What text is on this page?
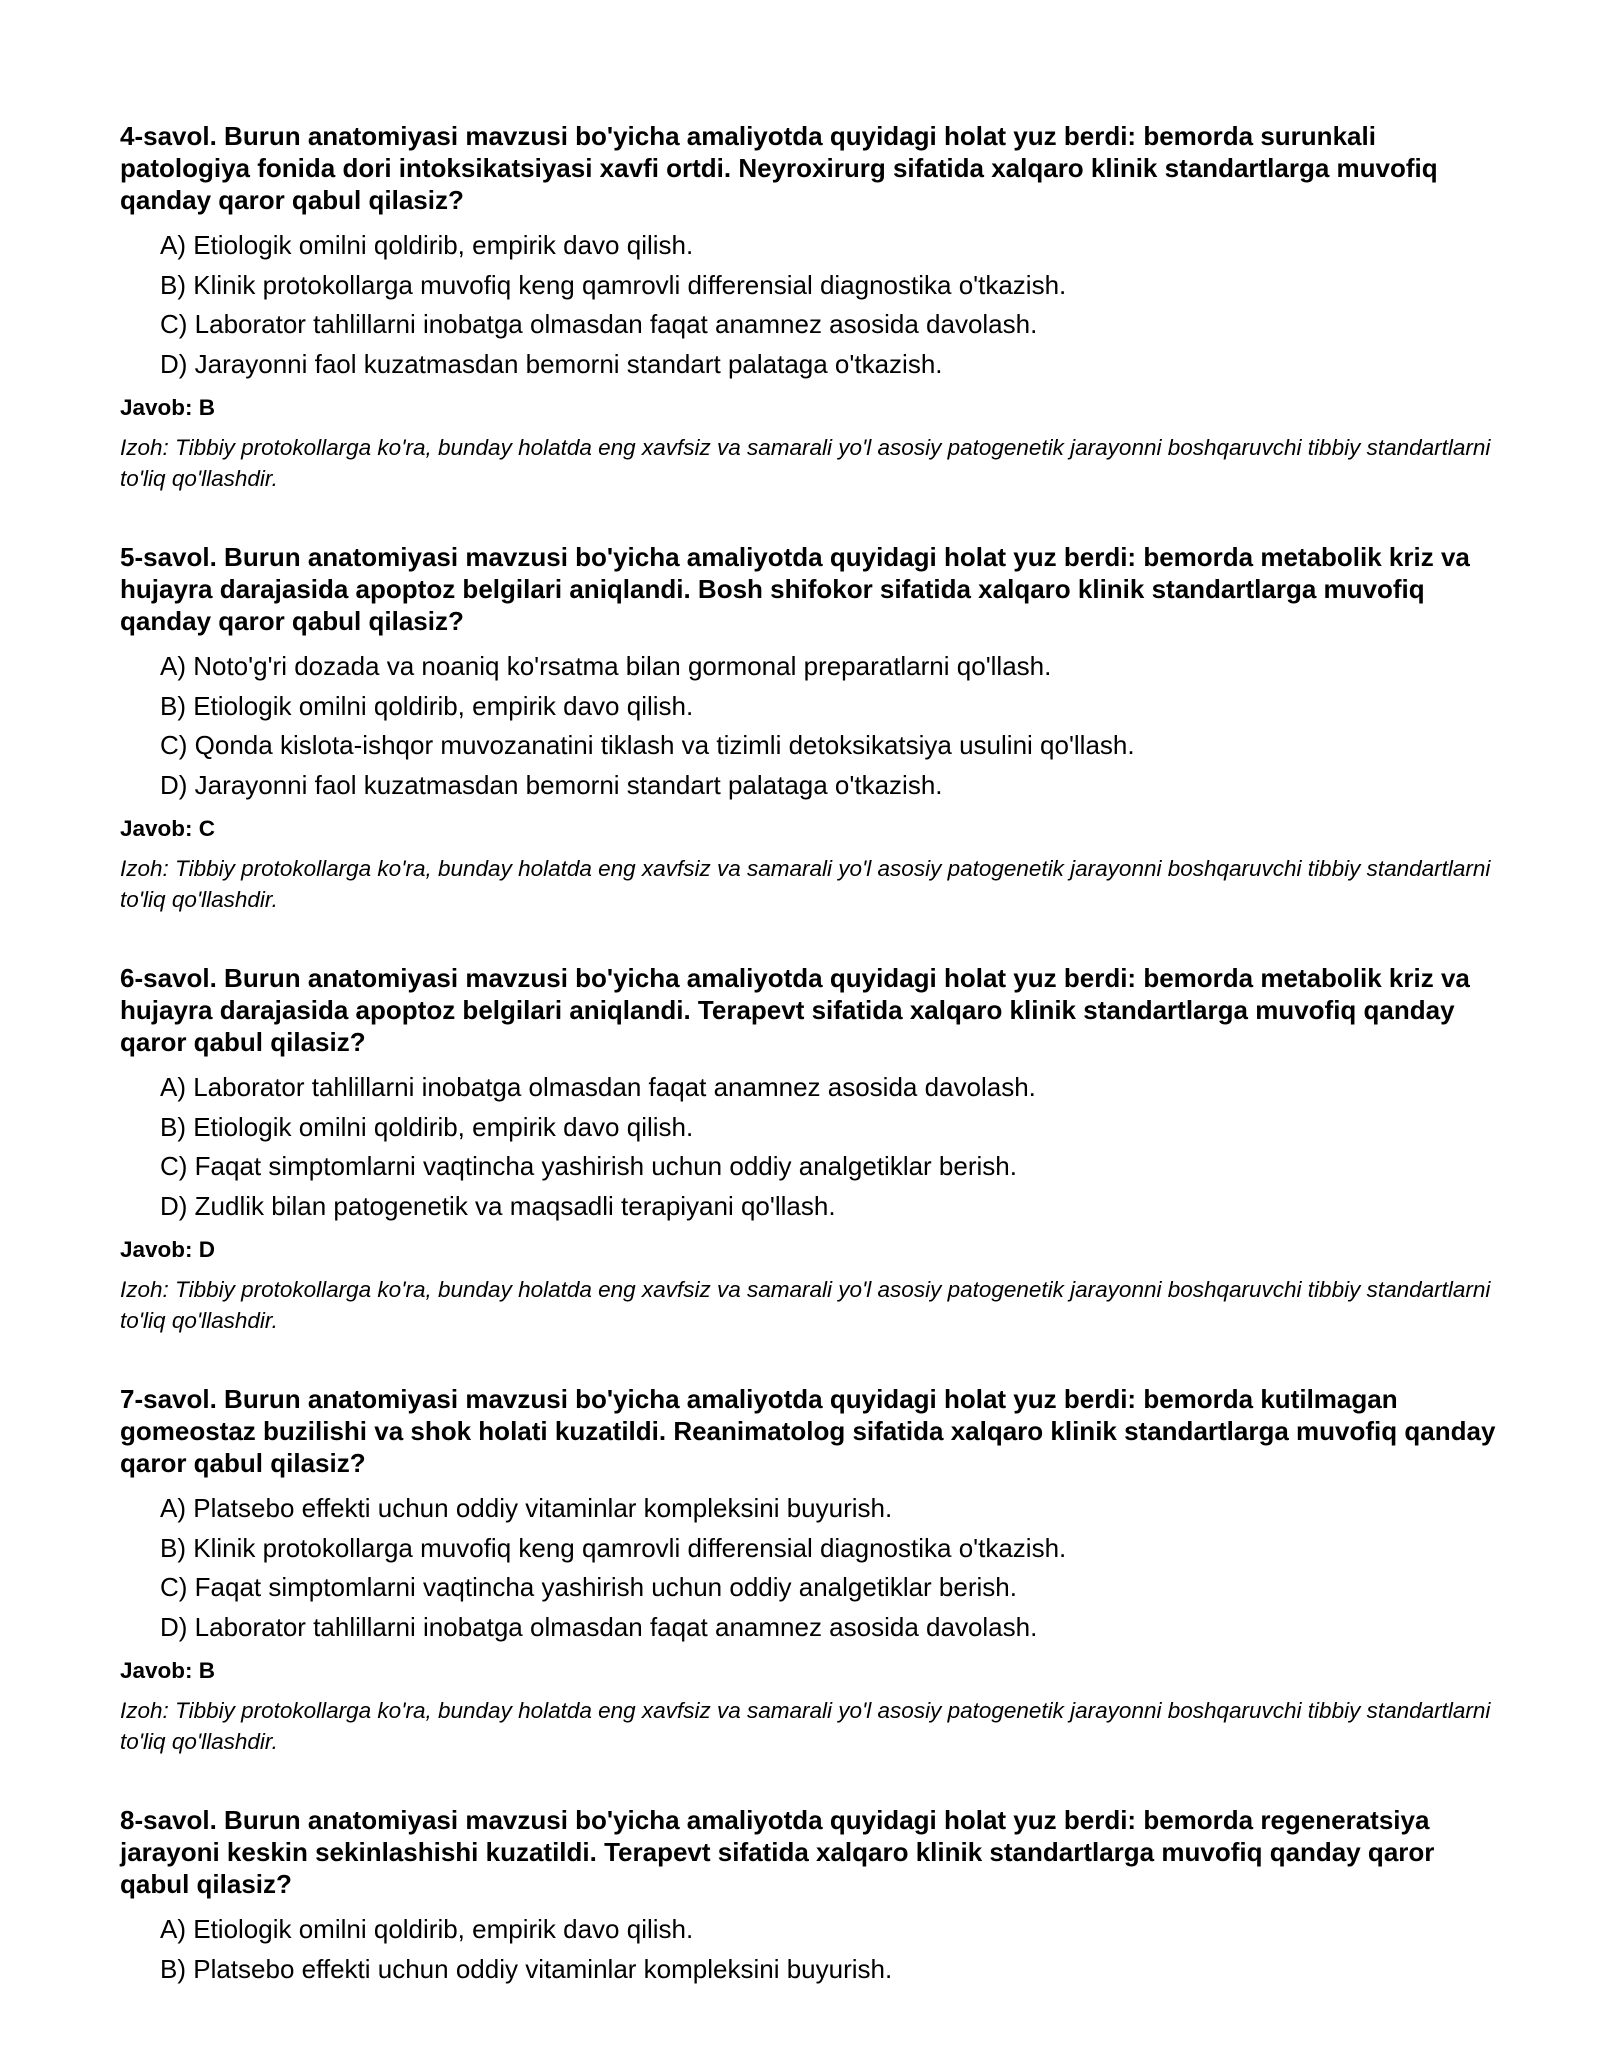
4-savol. Burun anatomiyasi mavzusi bo'yicha amaliyotda quyidagi holat yuz berdi: bemorda surunkali patologiya fonida dori intoksikatsiyasi xavfi ortdi. Neyroxirurg sifatida xalqaro klinik standartlarga muvofiq qanday qaror qabul qilasiz?

A) Etiologik omilni qoldirib, empirik davo qilish.
B) Klinik protokollarga muvofiq keng qamrovli differensial diagnostika o'tkazish.
C) Laborator tahlillarni inobatga olmasdan faqat anamnez asosida davolash.
D) Jarayonni faol kuzatmasdan bemorni standart palataga o'tkazish.

Javob: B

Izoh: Tibbiy protokollarga ko'ra, bunday holatda eng xavfsiz va samarali yo'l asosiy patogenetik jarayonni boshqaruvchi tibbiy standartlarni to'liq qo'llashdir.

5-savol. Burun anatomiyasi mavzusi bo'yicha amaliyotda quyidagi holat yuz berdi: bemorda metabolik kriz va hujayra darajasida apoptoz belgilari aniqlandi. Bosh shifokor sifatida xalqaro klinik standartlarga muvofiq qanday qaror qabul qilasiz?

A) Noto'g'ri dozada va noaniq ko'rsatma bilan gormonal preparatlarni qo'llash.
B) Etiologik omilni qoldirib, empirik davo qilish.
C) Qonda kislota-ishqor muvozanatini tiklash va tizimli detoksikatsiya usulini qo'llash.
D) Jarayonni faol kuzatmasdan bemorni standart palataga o'tkazish.

Javob: C

Izoh: Tibbiy protokollarga ko'ra, bunday holatda eng xavfsiz va samarali yo'l asosiy patogenetik jarayonni boshqaruvchi tibbiy standartlarni to'liq qo'llashdir.

6-savol. Burun anatomiyasi mavzusi bo'yicha amaliyotda quyidagi holat yuz berdi: bemorda metabolik kriz va hujayra darajasida apoptoz belgilari aniqlandi. Terapevt sifatida xalqaro klinik standartlarga muvofiq qanday qaror qabul qilasiz?

A) Laborator tahlillarni inobatga olmasdan faqat anamnez asosida davolash.
B) Etiologik omilni qoldirib, empirik davo qilish.
C) Faqat simptomlarni vaqtincha yashirish uchun oddiy analgetiklar berish.
D) Zudlik bilan patogenetik va maqsadli terapiyani qo'llash.

Javob: D

Izoh: Tibbiy protokollarga ko'ra, bunday holatda eng xavfsiz va samarali yo'l asosiy patogenetik jarayonni boshqaruvchi tibbiy standartlarni to'liq qo'llashdir.

7-savol. Burun anatomiyasi mavzusi bo'yicha amaliyotda quyidagi holat yuz berdi: bemorda kutilmagan gomeostaz buzilishi va shok holati kuzatildi. Reanimatolog sifatida xalqaro klinik standartlarga muvofiq qanday qaror qabul qilasiz?

A) Platsebo effekti uchun oddiy vitaminlar kompleksini buyurish.
B) Klinik protokollarga muvofiq keng qamrovli differensial diagnostika o'tkazish.
C) Faqat simptomlarni vaqtincha yashirish uchun oddiy analgetiklar berish.
D) Laborator tahlillarni inobatga olmasdan faqat anamnez asosida davolash.

Javob: B

Izoh: Tibbiy protokollarga ko'ra, bunday holatda eng xavfsiz va samarali yo'l asosiy patogenetik jarayonni boshqaruvchi tibbiy standartlarni to'liq qo'llashdir.

8-savol. Burun anatomiyasi mavzusi bo'yicha amaliyotda quyidagi holat yuz berdi: bemorda regeneratsiya jarayoni keskin sekinlashishi kuzatildi. Terapevt sifatida xalqaro klinik standartlarga muvofiq qanday qaror qabul qilasiz?

A) Etiologik omilni qoldirib, empirik davo qilish.
B) Platsebo effekti uchun oddiy vitaminlar kompleksini buyurish.
